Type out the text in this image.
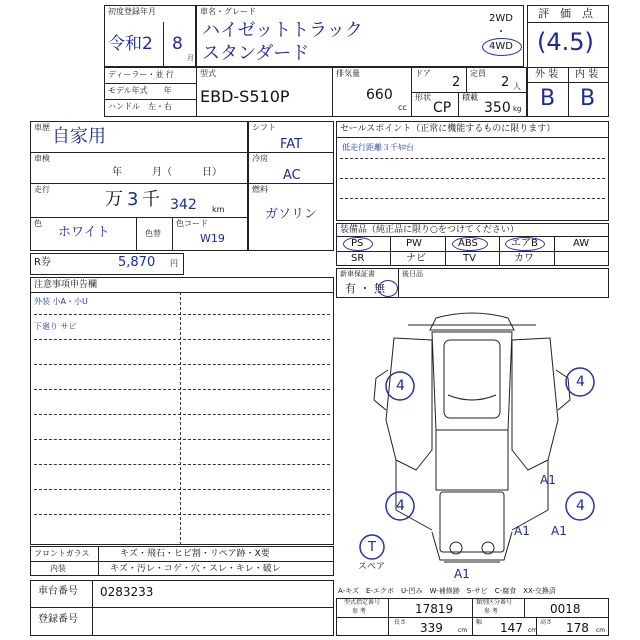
初度登録年月
令和2 8
月
車名・グレード
ハイゼットトラック
スタンダード
2WD
・
4WD
評　価　点
(4.5)
外 装 内 装
B B
ディーラー・並 行
モデル年式　　年
ハンドル　左・右
型式
EBD-S510P
排気量
660
cc
ドア
2
定員
2 人
形状
CP
積載
350 kg
車歴 自家用
車検
年　　　月（　　　日）
走行	万 3 千 342 km
色
ホワイト	色替
色コード
W19
シフト
FAT
冷房
AC
燃料
ガソリン
R券	5,870 円
セールスポイント（正常に機能するものに限ります）
低走行距離３千ｷﾛ台
装備品（純正品に限り○をつけてください）
PS	PW	ABS	エアB	AW
SR	ナビ	TV	カワ
新車保証書	後日品
有 ・ 無
注意事項申告欄
外装 小A・小U
下廻り サビ
フロントガラス	キズ・飛石・ヒビ割・リペア跡・X要
内装	キズ・汚レ・コゲ・穴・スレ・キレ・破レ
車台番号 0283233
登録番号
4	4
4	4
A1
A1 A1
A1
T
スペア
A-キズ　E-エクボ　U-凹み　W-補修跡　S-サビ　C-腐食　XX-交換済
型式指定番号
参 考	17819	類別区分番号
参 考	0018
長さ 339	cm
幅 147 cm
高さ 178 cm
